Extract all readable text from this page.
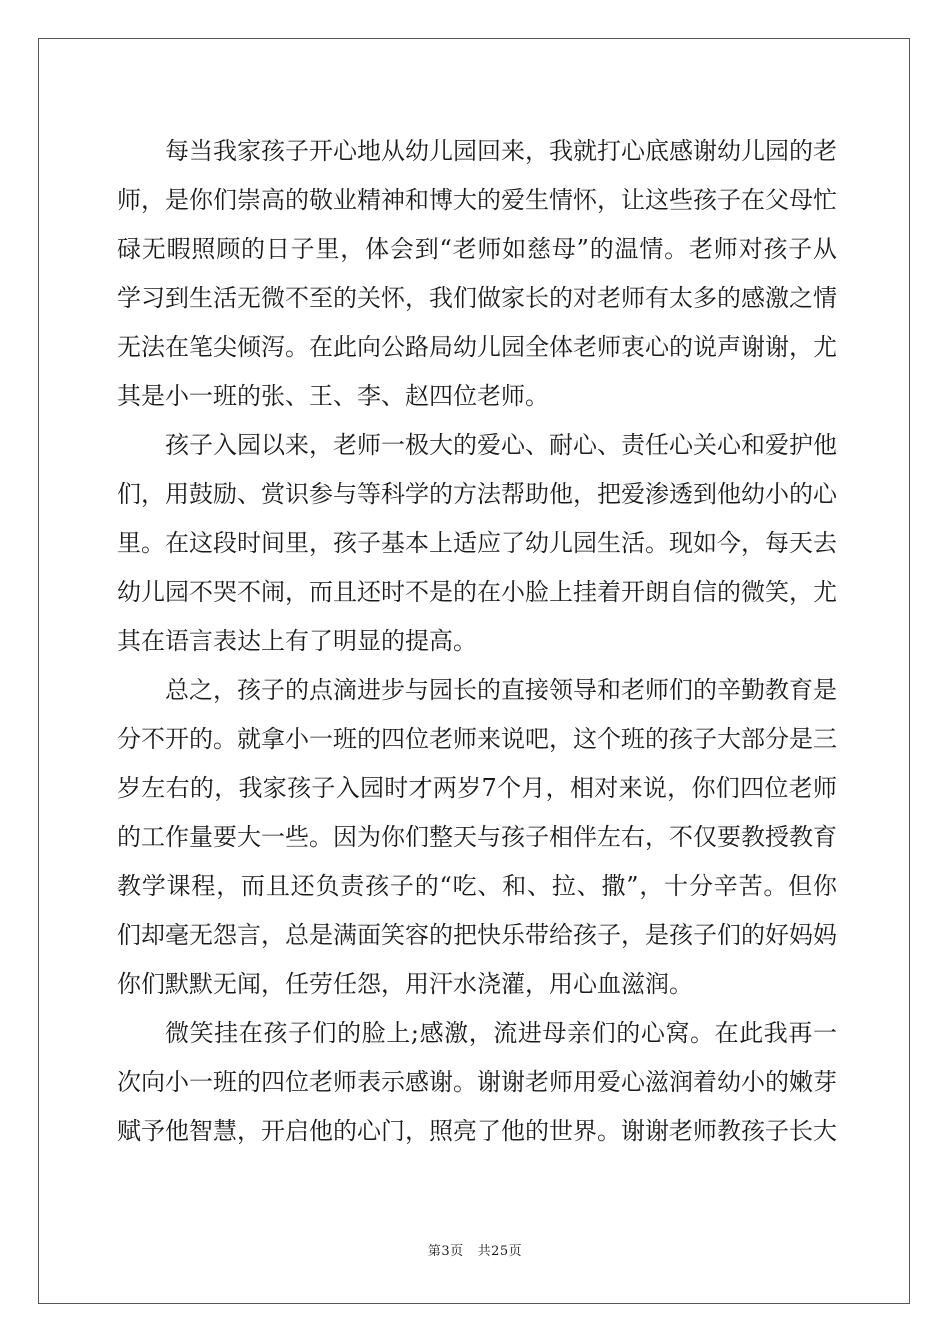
每当我家孩子开心地从幼儿园回来，我就打心底感谢幼儿园的老师，是你们崇高的敬业精神和博大的爱生情怀，让这些孩子在父母忙碌无暇照顾的日子里，体会到“老师如慈母”的温情。老师对孩子从学习到生活无微不至的关怀，我们做家长的对老师有太多的感激之情无法在笔尖倾泻。在此向公路局幼儿园全体老师衷心的说声谢谢，尤其是小一班的张、王、李、赵四位老师。

孩子入园以来，老师一极大的爱心、耐心、责任心关心和爱护他们，用鼓励、赏识参与等科学的方法帮助他，把爱渗透到他幼小的心里。在这段时间里，孩子基本上适应了幼儿园生活。现如今，每天去幼儿园不哭不闹，而且还时不是的在小脸上挂着开朗自信的微笑，尤其在语言表达上有了明显的提高。

总之，孩子的点滴进步与园长的直接领导和老师们的辛勤教育是分不开的。就拿小一班的四位老师来说吧，这个班的孩子大部分是三岁左右的，我家孩子入园时才两岁7个月，相对来说，你们四位老师的工作量要大一些。因为你们整天与孩子相伴左右，不仅要教授教育教学课程，而且还负责孩子的“吃、和、拉、撒”，十分辛苦。但你们却毫无怨言，总是满面笑容的把快乐带给孩子，是孩子们的好妈妈你们默默无闻，任劳任怨，用汗水浇灌，用心血滋润。

微笑挂在孩子们的脸上;感激，流进母亲们的心窝。在此我再一次向小一班的四位老师表示感谢。谢谢老师用爱心滋润着幼小的嫩芽赋予他智慧，开启他的心门，照亮了他的世界。谢谢老师教孩子长大

第3页 共25页
